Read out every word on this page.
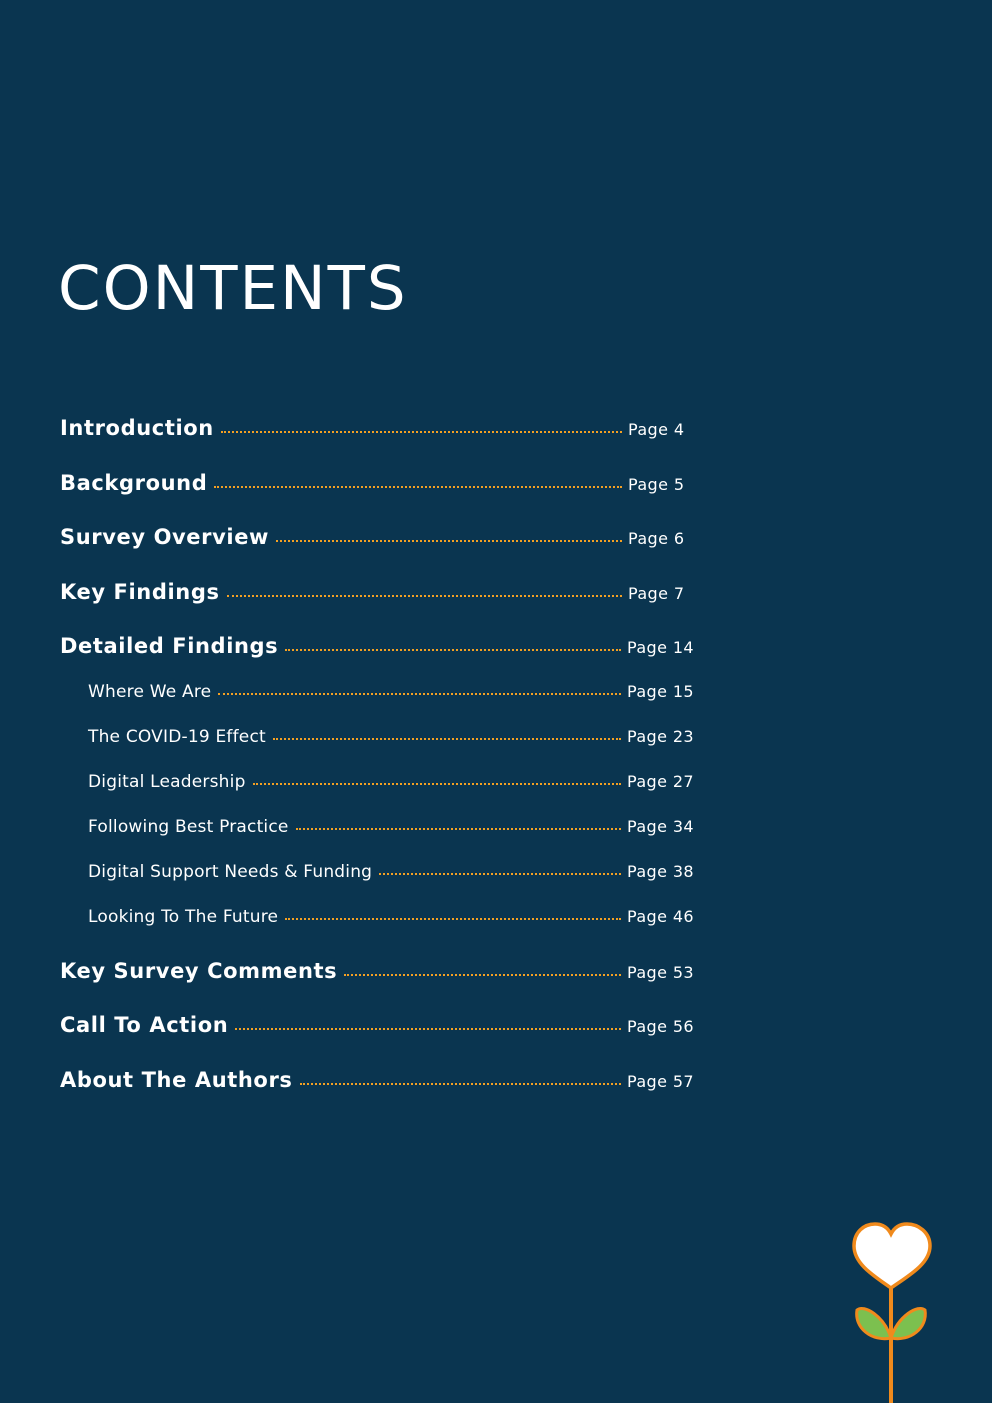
CONTENTS
Introduction	Page 4
Background	Page 5
Survey Overview	Page 6
Key Findings	Page 7
Detailed Findings	Page 14
Where We Are	Page 15
The COVID-19 Effect	Page 23
Digital Leadership	Page 27
Following Best Practice	Page 34
Digital Support Needs & Funding	Page 38
Looking To The Future	Page 46
Key Survey Comments	Page 53
Call To Action	Page 56
About The Authors	Page 57
